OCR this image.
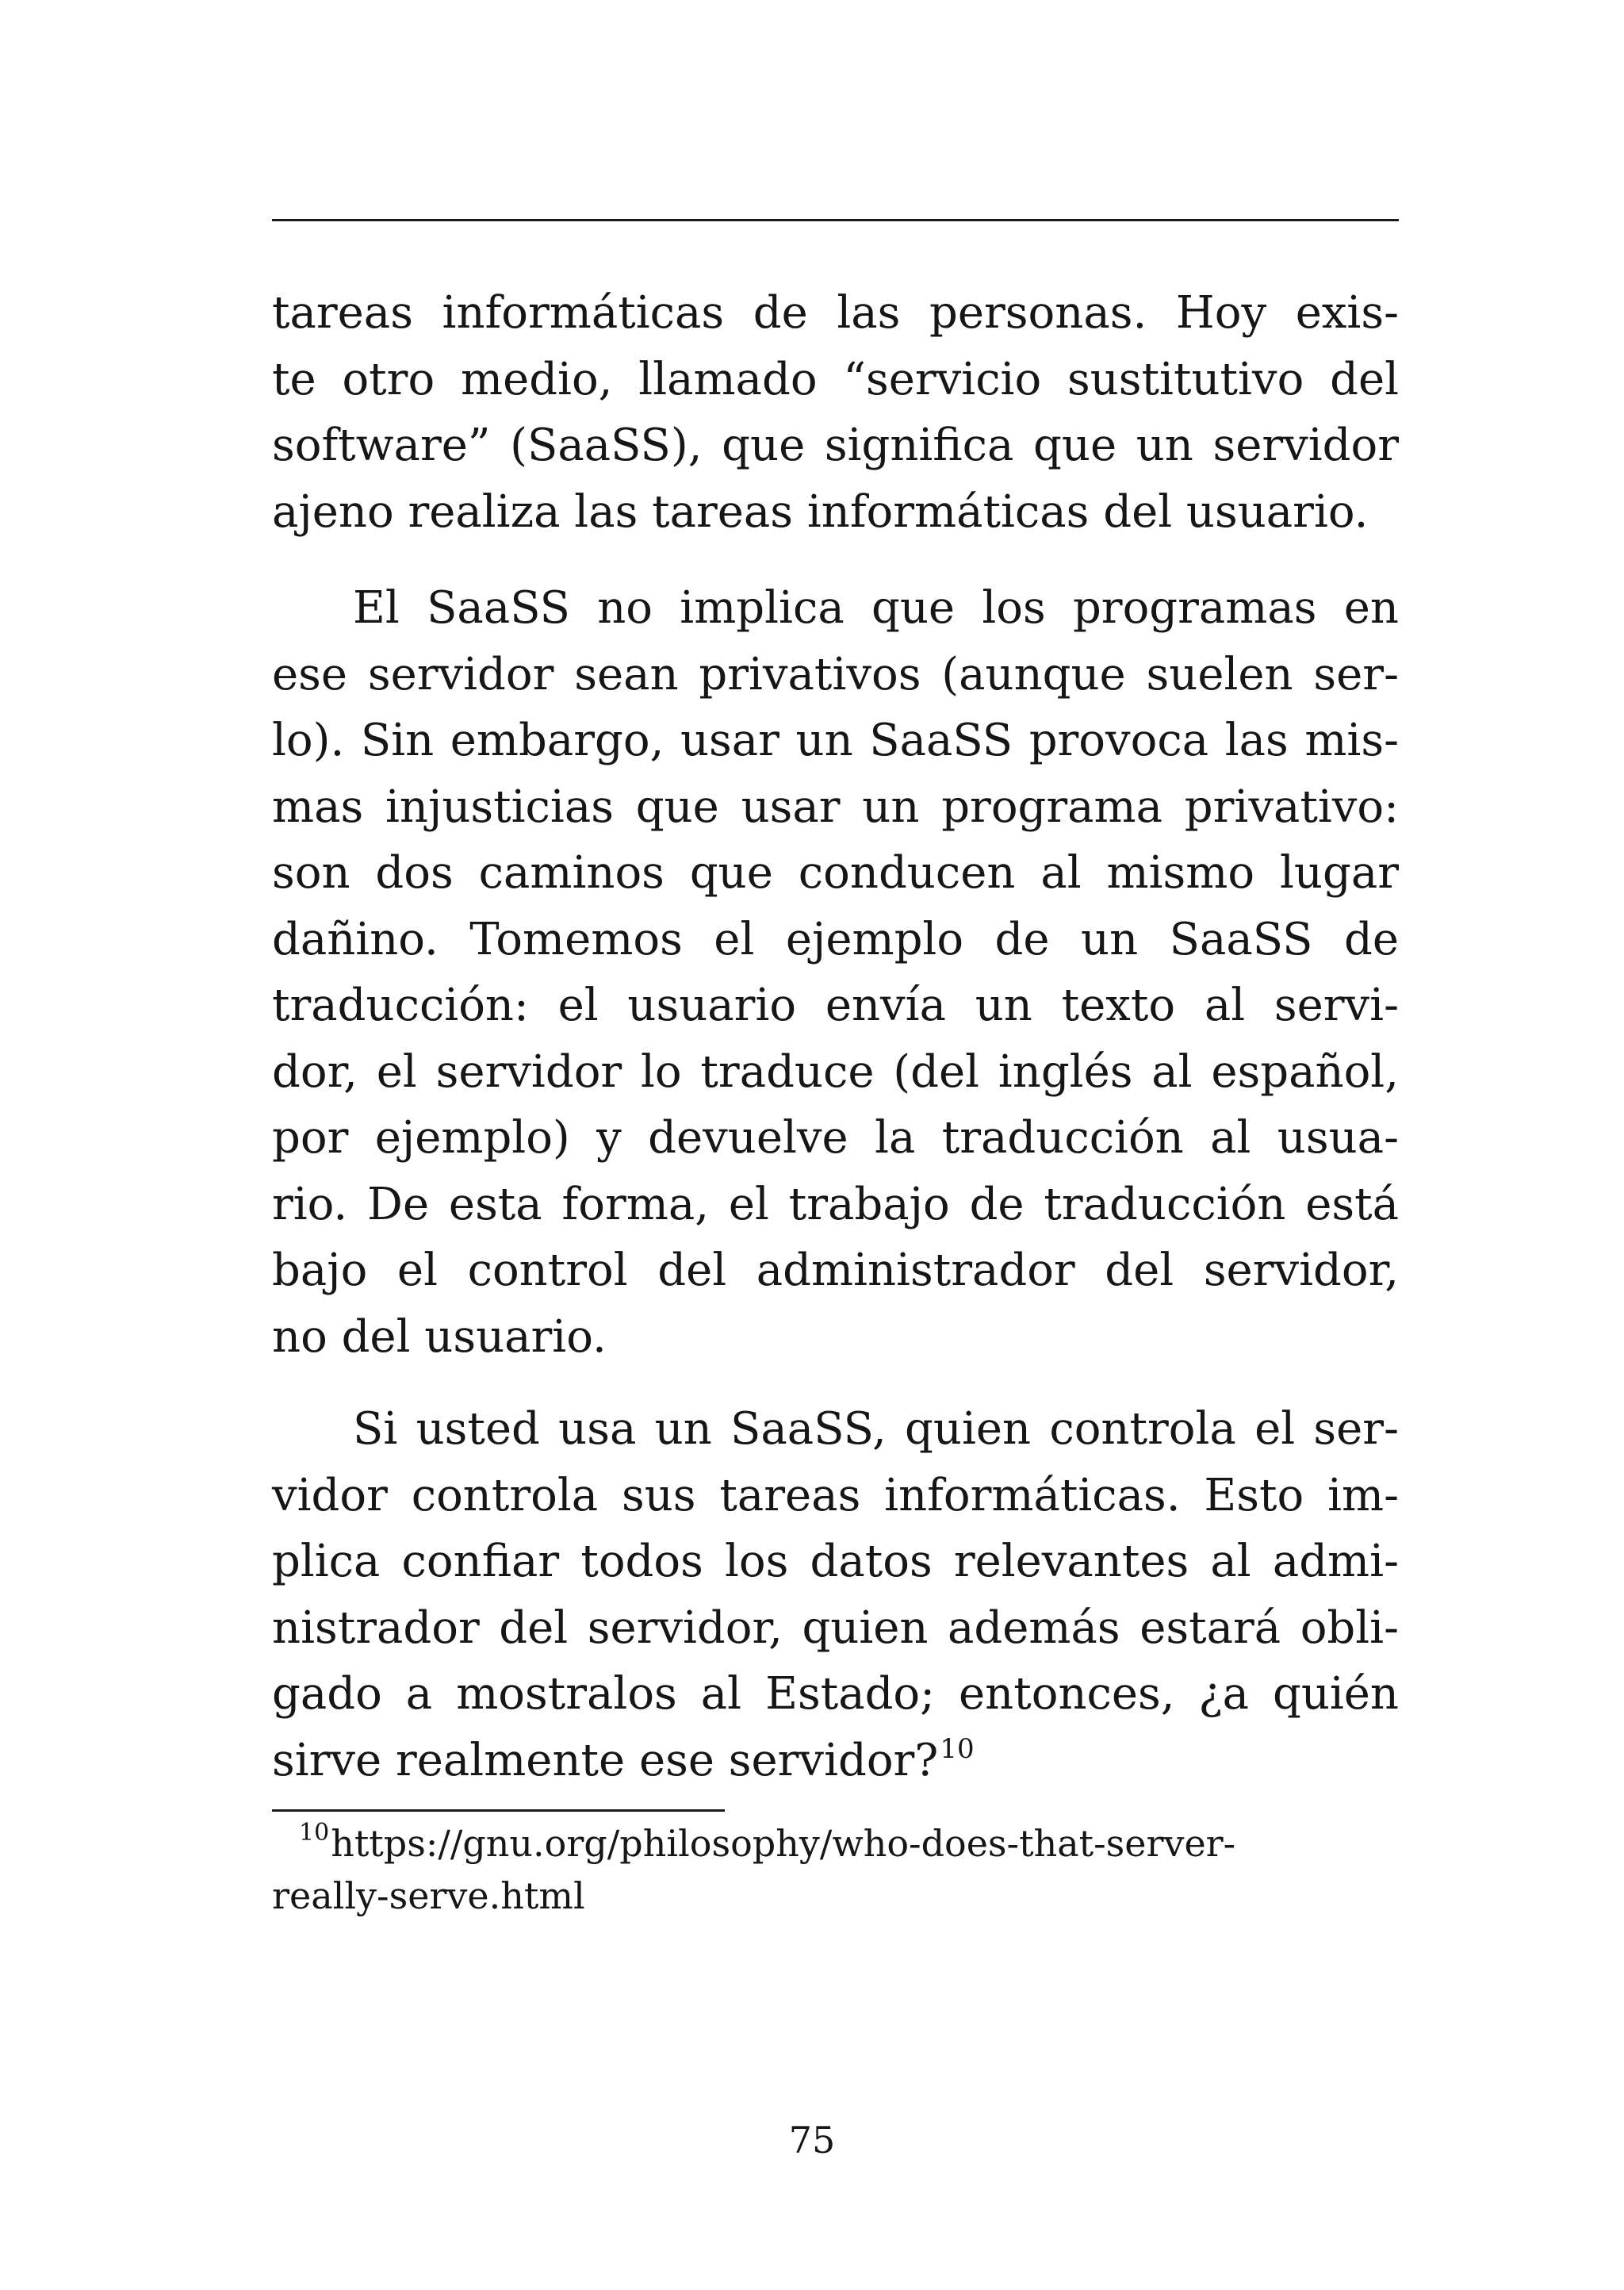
tareas informáticas de las personas. Hoy exis-
te otro medio, llamado “servicio sustitutivo del
software” (SaaSS), que significa que un servidor
ajeno realiza las tareas informáticas del usuario.
El SaaSS no implica que los programas en
ese servidor sean privativos (aunque suelen ser-
lo). Sin embargo, usar un SaaSS provoca las mis-
mas injusticias que usar un programa privativo:
son dos caminos que conducen al mismo lugar
dañino. Tomemos el ejemplo de un SaaSS de
traducción: el usuario envía un texto al servi-
dor, el servidor lo traduce (del inglés al español,
por ejemplo) y devuelve la traducción al usua-
rio. De esta forma, el trabajo de traducción está
bajo el control del administrador del servidor,
no del usuario.
Si usted usa un SaaSS, quien controla el ser-
vidor controla sus tareas informáticas. Esto im-
plica confiar todos los datos relevantes al admi-
nistrador del servidor, quien además estará obli-
gado a mostralos al Estado; entonces, ¿a quién
sirve realmente ese servidor?$^{10}$
$^{10}$https://gnu.org/philosophy/who-does-that-server-
really-serve.html
75
